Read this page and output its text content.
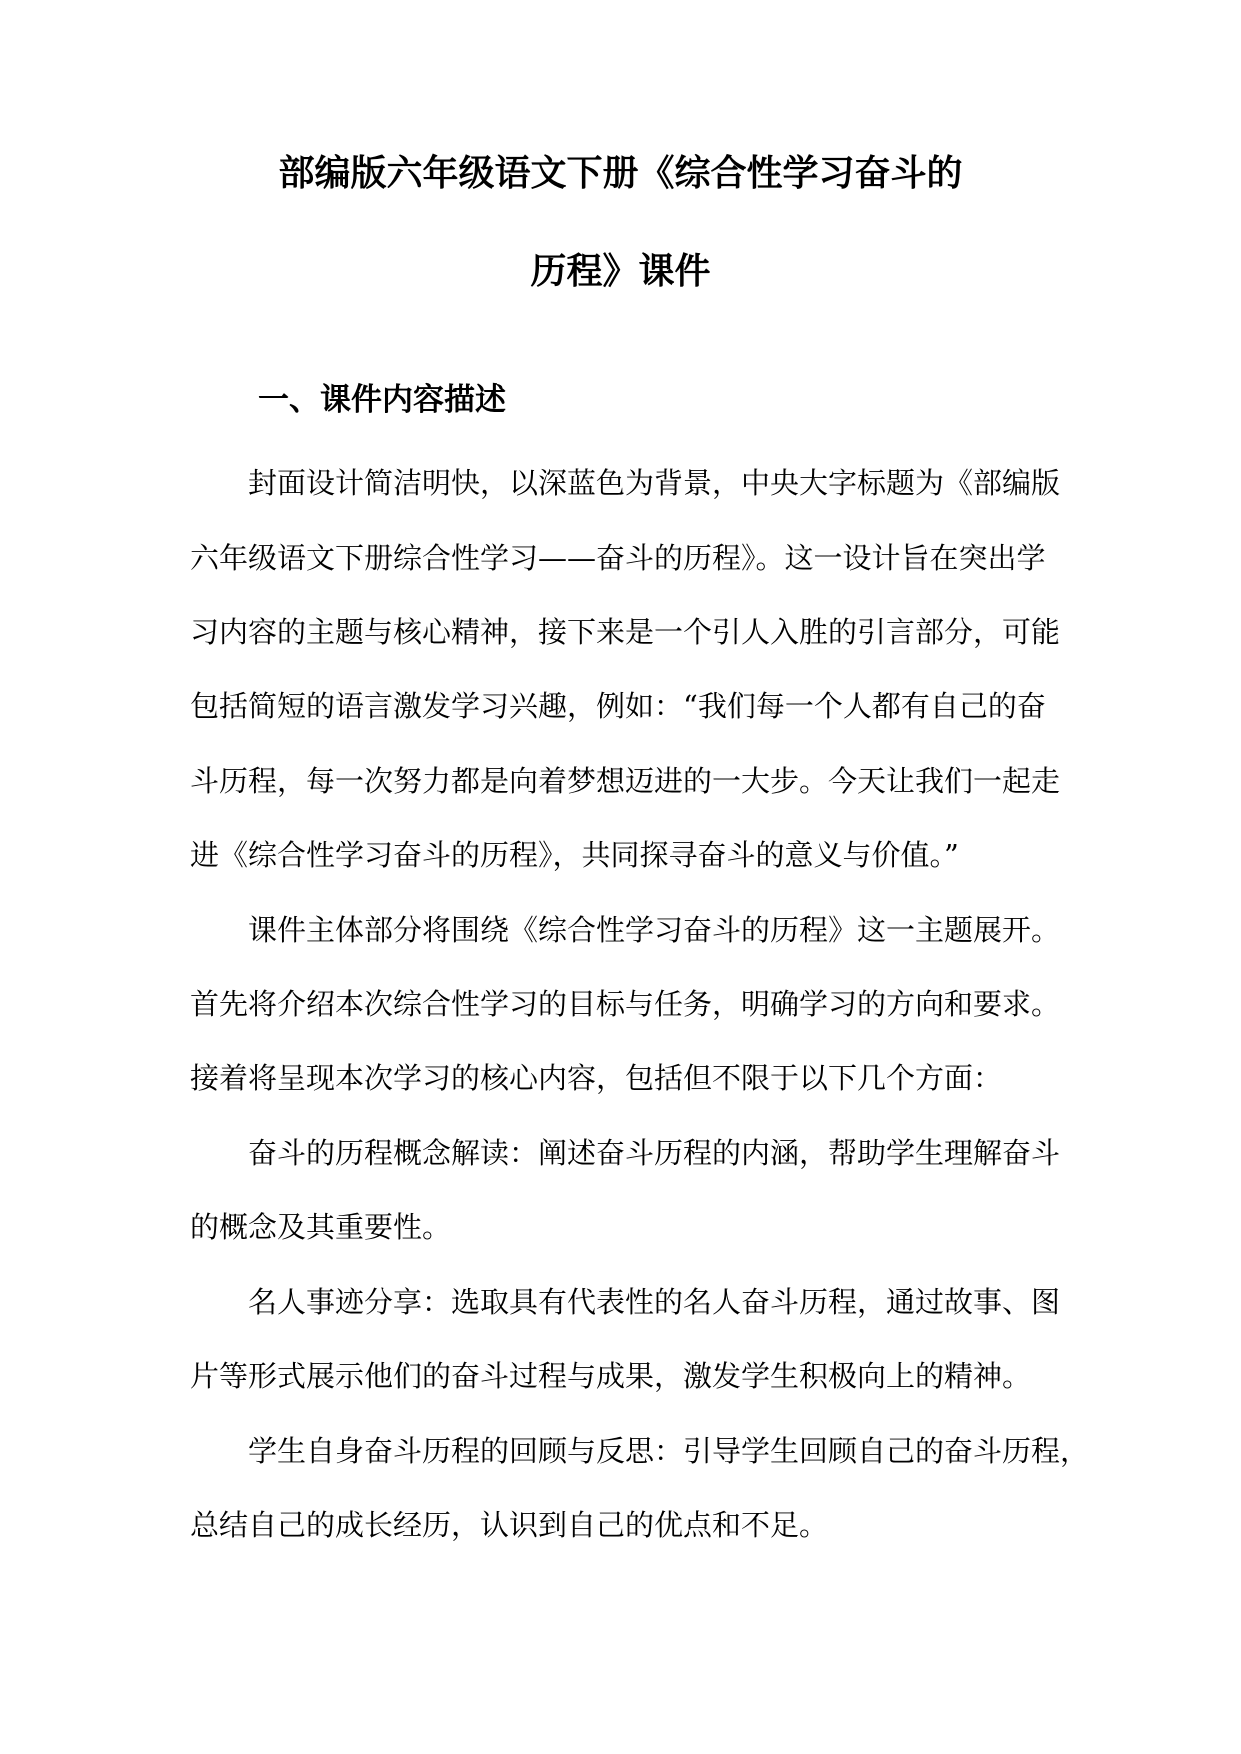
部编版六年级语文下册《综合性学习奋斗的
历程》课件
一、课件内容描述
封面设计简洁明快，以深蓝色为背景，中央大字标题为《部编版
六年级语文下册综合性学习——奋斗的历程》。这一设计旨在突出学
习内容的主题与核心精神，接下来是一个引人入胜的引言部分，可能
包括简短的语言激发学习兴趣，例如：“我们每一个人都有自己的奋
斗历程，每一次努力都是向着梦想迈进的一大步。今天让我们一起走
进《综合性学习奋斗的历程》，共同探寻奋斗的意义与价值。”
课件主体部分将围绕《综合性学习奋斗的历程》这一主题展开。
首先将介绍本次综合性学习的目标与任务，明确学习的方向和要求。
接着将呈现本次学习的核心内容，包括但不限于以下几个方面：
奋斗的历程概念解读：阐述奋斗历程的内涵，帮助学生理解奋斗
的概念及其重要性。
名人事迹分享：选取具有代表性的名人奋斗历程，通过故事、图
片等形式展示他们的奋斗过程与成果，激发学生积极向上的精神。
学生自身奋斗历程的回顾与反思：引导学生回顾自己的奋斗历程，
总结自己的成长经历，认识到自己的优点和不足。
